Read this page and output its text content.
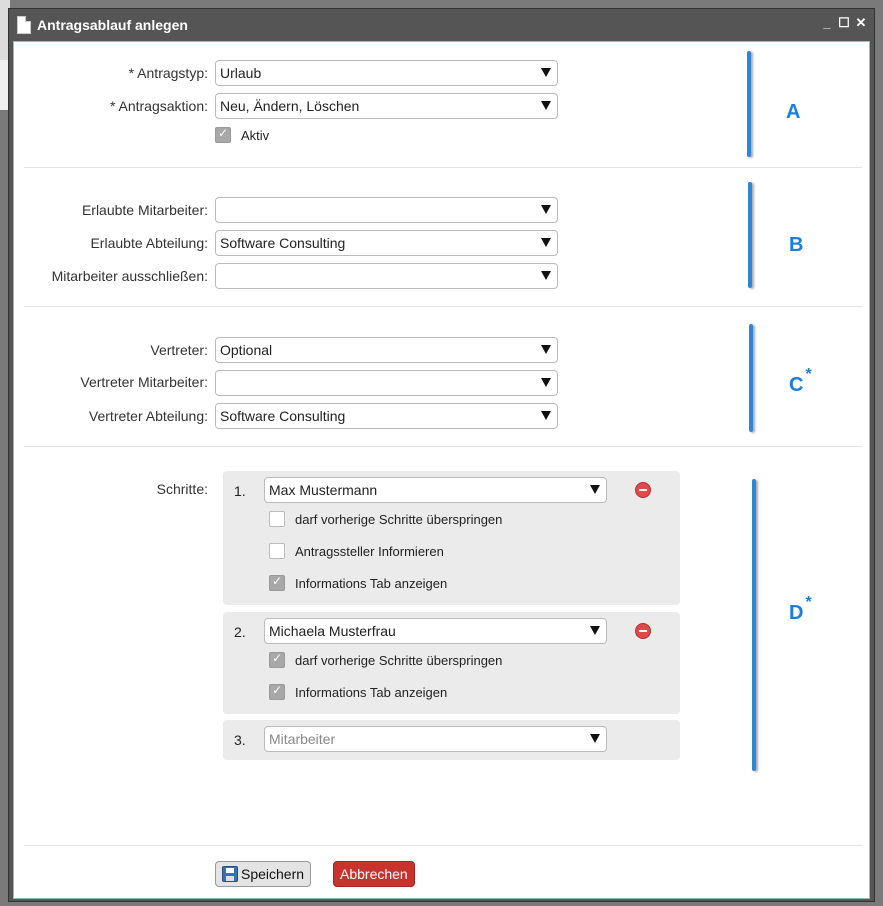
Antragsablauf anlegen	_ ☐ ✕
* Antragstyp: Urlaub
* Antragsaktion: Neu, Ändern, Löschen
✓
Aktiv
A
Erlaubte Mitarbeiter:
Erlaubte Abteilung: Software Consulting
Mitarbeiter ausschließen:
B
Vertreter: Optional
Vertreter Mitarbeiter:
Vertreter Abteilung: Software Consulting
C *
Schritte: 1.	Max Mustermann
darf vorherige Schritte überspringen
Antragssteller Informieren
✓
Informations Tab anzeigen
2.	Michaela Musterfrau
✓
darf vorherige Schritte überspringen
✓
Informations Tab anzeigen
3.	Mitarbeiter
D *
Speichern	Abbrechen
